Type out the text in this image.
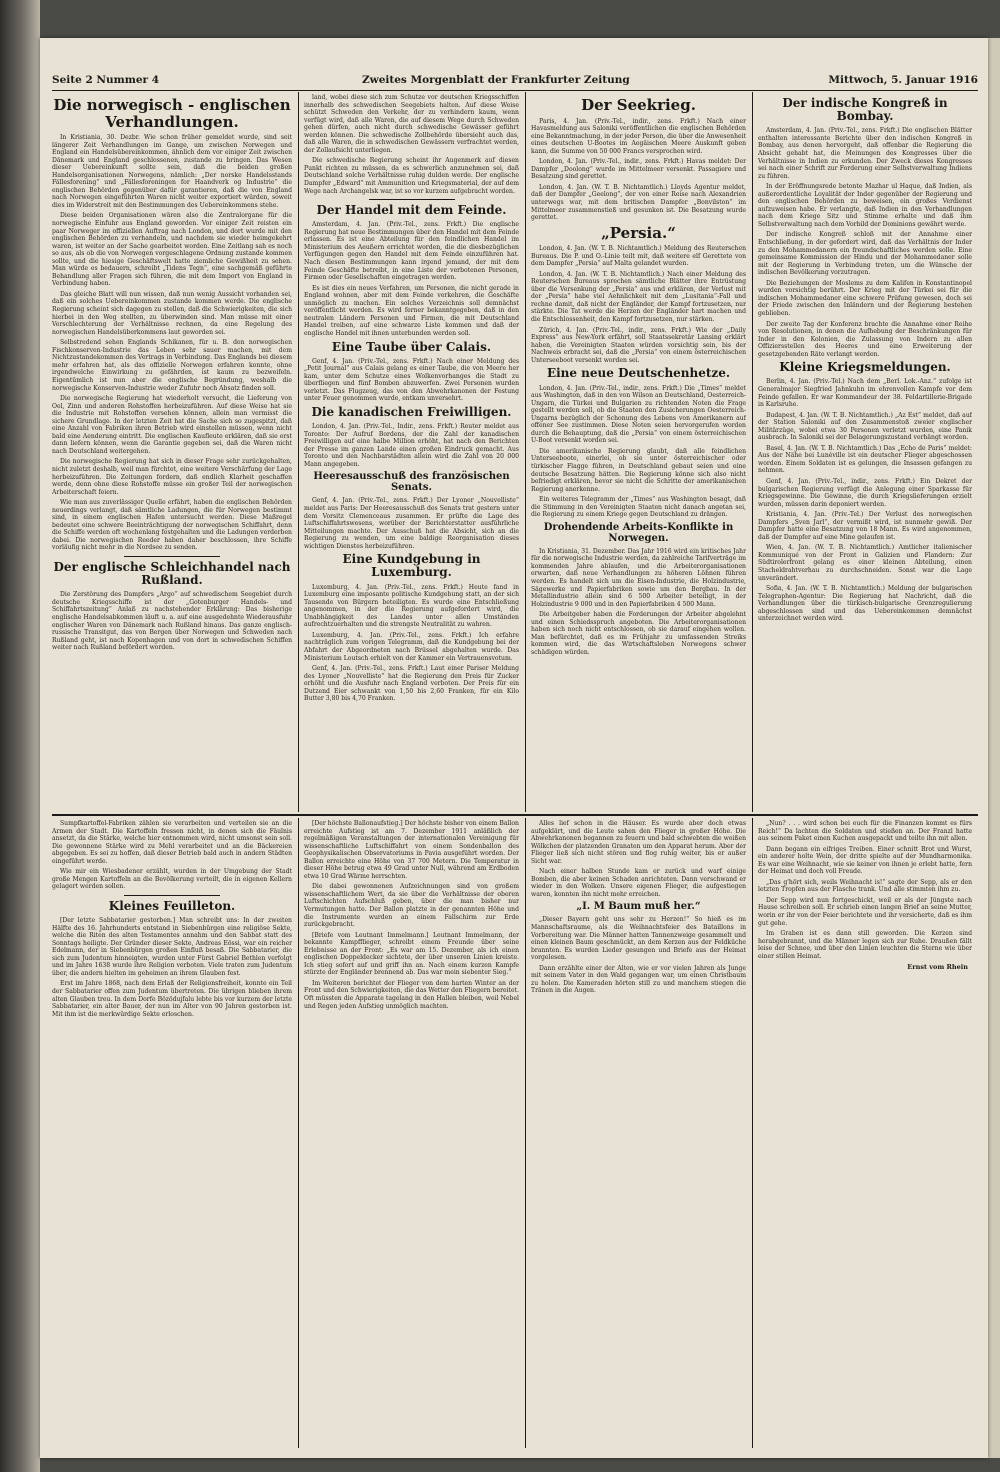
Seite 2 Nummer 4	Zweites Morgenblatt der Frankfurter Zeitung	Mittwoch, 5. Januar 1916
Die norwegisch - englischen Verhandlungen.

In Kristiania, 30. Dezbr. Wie schon früher gemeldet wurde, sind seit längerer Zeit Verhandlungen im Gange, um zwischen Norwegen und England ein Handelsübereinkommen, ähnlich dem vor einiger Zeit zwischen Dänemark und England geschlossenen, zustande zu bringen. Das Wesen dieser Uebereinkunft sollte sein, daß die beiden großen Handelsorganisationen Norwegens, nämlich: „Der norske Handelsstands Fällesforening“ und „Fällesforeningen for Haandverk og Industrie“ die englischen Behörden gegenüber dafür garantieren, daß die von England nach Norwegen eingeführten Waren nicht weiter exportiert würden, soweit dies im Widerstreit mit den Bestimmungen des Uebereinkommens stehe.

Diese beiden Organisationen wären also die Zentralorgane für die norwegische Einfuhr aus England geworden. Vor einiger Zeit reisten ein paar Norweger im offiziellen Auftrag nach London, und dort wurde mit den englischen Behörden zu verhandeln, und nachdem sie wieder heimgekehrt waren, ist weiter an der Sache gearbeitet worden. Eine Zeitlang sah es noch so aus, als ob die von Norwegen vorgeschlagene Ordnung zustande kommen sollte, und die hiesige Geschäftswelt hatte ziemliche Gewißheit zu sehen. Man würde es bedauern, schreibt „Tidens Tegn“, eine sachgemäß geführte Behandlung aller Fragen sich führen, die mit dem Import von England in Verbindung haben.

Das gleiche Blatt will nun wissen, daß nun wenig Aussicht vorhanden sei, daß ein solches Uebereinkommen zustande kommen werde. Die englische Regierung scheint sich dagegen zu stellen, daß die Schwierigkeiten, die sich hierbei in den Weg stellten, zu überwinden sind. Man müsse mit einer Verschlechterung der Verhältnisse rechnen, da eine Regelung des norwegischen Handelsüberkommens laut geworden sei.

Selbstredend sehen Englands Schikanen, für u. B. den norwegischen Fischkonserven-Industrie das Leben sehr sauer machen, mit dem Nichtzustandekommen des Vertrags in Verbindung. Das Englands bei diesem mehr erfahren hat, als das offizielle Norwegen erfahren konnte, ohne irgendwelche Einwirkung zu gefährden, ist kaum zu bezweifeln. Eigentümlich ist nun aber die englische Begründung, weshalb die norwegische Konserven-Industrie weder Zufuhr noch Absatz finden soll.

Die norwegische Regierung hat wiederholt versucht, die Lieferung von Oel, Zinn und anderen Rohstoffen herbeizuführen. Auf diese Weise hat sie die Industrie mit Rohstoffen versehen können, allein man vermisst die sichere Grundlage. In der letzten Zeit hat die Sache sich so zugespitzt, daß eine Anzahl von Fabriken ihren Betrieb wird einstellen müssen, wenn nicht bald eine Aenderung eintritt. Die englischen Kaufleute erklären, daß sie erst dann liefern können, wenn die Garantie gegeben sei, daß die Waren nicht nach Deutschland weitergehen.

Die norwegische Regierung hat sich in dieser Frage sehr zurückgehalten, nicht zuletzt deshalb, weil man fürchtet, eine weitere Verschärfung der Lage herbeizuführen. Die Zeitungen fordern, daß endlich Klarheit geschaffen werde, denn ohne diese Rohstoffe müsse ein großer Teil der norwegischen Arbeiterschaft feiern.

Wie man aus zuverlässiger Quelle erfährt, haben die englischen Behörden neuerdings verlangt, daß sämtliche Ladungen, die für Norwegen bestimmt sind, in einem englischen Hafen untersucht werden. Diese Maßregel bedeutet eine schwere Beeinträchtigung der norwegischen Schiffahrt, denn die Schiffe werden oft wochenlang festgehalten und die Ladungen verderben dabei. Die norwegischen Reeder haben daher beschlossen, ihre Schiffe vorläufig nicht mehr in die Nordsee zu senden.

Der englische Schleichhandel nach Rußland.

Die Zerstörung des Dampfers „Argo“ auf schwedischem Seegebiet durch deutsche Kriegsschiffe ist der „Gotenburger Handels- und Schiffahrtszeitung“ Anlaß zu nachstehender Erklärung: Das bisherige englische Handelsabkommen läuft u. a. auf eine ausgedehnte Wiederausfuhr englischer Waren von Dänemark nach Rußland hinaus. Das ganze englisch-russische Transitgut, das von Bergen über Norwegen und Schweden nach Rußland geht, ist nach Kopenhagen und von dort in schwedischen Schiffen weiter nach Rußland befördert worden.

land, wobei diese sich zum Schutze vor deutschen Kriegsschiffen innerhalb des schwedischen Seegebiets halten. Auf diese Weise schützt Schweden den Verkehr, der zu verhindern kaum, wenn verfügt wird, daß alle Waren, die auf diesem Wege durch Schweden gehen dürfen, auch nicht durch schwedische Gewässer geführt werden können. Die schwedische Zollbehörde übersieht auch das, daß alle Waren, die in schwedischen Gewässern verfrachtet werden, der Zollaufsicht unterliegen.

Die schwedische Regierung scheint ihr Augenmerk auf diesen Punkt richten zu müssen, da es schwerlich anzunehmen sei, daß Deutschland solche Verhältnisse ruhig dulden werde. Der englische Dampfer „Edward“ mit Ammunition und Kriegsmaterial, der auf dem Wege nach Archangelsk war, ist so vor kurzem aufgebracht worden.

Der Handel mit dem Feinde.

Amsterdam, 4. Jan. (Priv.-Tel., zens. Frkft.) Die englische Regierung hat neue Bestimmungen über den Handel mit dem Feinde erlassen. Es ist eine Abteilung für den feindlichen Handel im Ministerium des Aeußern errichtet worden, die die diesbezüglichen Verfügungen gegen den Handel mit dem Feinde einzuführen hat. Nach diesen Bestimmungen kann irgend jemand, der mit dem Feinde Geschäfte betreibt, in eine Liste der verbotenen Personen, Firmen oder Gesellschaften eingetragen werden.

Es ist dies ein neues Verfahren, um Personen, die nicht gerade in England wohnen, aber mit dem Feinde verkehren, die Geschäfte unmöglich zu machen. Ein solches Verzeichnis soll demnächst veröffentlicht werden. Es wird ferner bekanntgegeben, daß in den neutralen Ländern Personen und Firmen, die mit Deutschland Handel treiben, auf eine schwarze Liste kommen und daß der englische Handel mit ihnen unterbunden werden soll.

Eine Taube über Calais.

Genf, 4. Jan. (Priv.-Tel., zens. Frkft.) Nach einer Meldung des „Petit Journal“ aus Calais gelang es einer Taube, die von Meere her kam, unter dem Schutze eines Wolkenvorhanges die Stadt zu überfliegen und fünf Bomben abzuwerfen. Zwei Personen wurden verletzt. Das Flugzeug, das von den Abwehrkanonen der Festung unter Feuer genommen wurde, entkam unversehrt.

Die kanadischen Freiwilligen.

London, 4. Jan. (Priv.-Tel., Indir., zens. Frkft.) Reuter meldet aus Toronto: Der Aufruf Bordens, der die Zahl der kanadischen Freiwilligen auf eine halbe Million erhöht, hat nach den Berichten der Presse im ganzen Lande einen großen Eindruck gemacht. Aus Toronto und den Nachbarstädten allein wird die Zahl von 20 000 Mann angegeben.

Heeresausschuß des französischen Senats.

Genf, 4. Jan. (Priv.-Tel., zens. Frkft.) Der Lyoner „Nouvelliste“ meldet aus Paris: Der Heeresausschuß des Senats trat gestern unter dem Vorsitz Clemenceaus zusammen. Er prüfte die Lage des Luftschiffahrtswesens, worüber der Berichterstatter ausführliche Mitteilungen machte. Der Ausschuß hat die Absicht, sich an die Regierung zu wenden, um eine baldige Reorganisation dieses wichtigen Dienstes herbeizuführen.

Eine Kundgebung in Luxemburg.

Luxemburg, 4. Jan. (Priv.-Tel., zens. Frkft.) Heute fand in Luxemburg eine imposante politische Kundgebung statt, an der sich Tausende von Bürgern beteiligten. Es wurde eine Entschließung angenommen, in der die Regierung aufgefordert wird, die Unabhängigkeit des Landes unter allen Umständen aufrechtzuerhalten und die strengste Neutralität zu wahren.

Luxemburg, 4. Jan. (Priv.-Tel., zens. Frkft.) Ich erfahre nachträglich zum vorigen Telegramm, daß die Kundgebung bei der Abfahrt der Abgeordneten nach Brüssel abgehalten wurde. Das Ministerium Loutsch erhielt von der Kammer ein Vertrauensvotum.

Genf, 4. Jan. (Priv.-Tel., zens. Frkft.) Laut einer Pariser Meldung des Lyoner „Nouvelliste“ hat die Regierung den Preis für Zucker erhöht und die Ausfuhr nach England verboten. Der Preis für ein Dutzend Eier schwankt von 1,50 bis 2,60 Franken, für ein Kilo Butter 3,80 bis 4,70 Franken.

Der Seekrieg.

Paris, 4. Jan. (Priv.-Tel., indir., zens. Frkft.) Nach einer Havasmeldung aus Saloniki veröffentlichen die englischen Behörden eine Bekanntmachung, in der jeder Person, die über die Anwesenheit eines deutschen U-Bootes im Aegäischen Meere Auskunft geben kann, die Summe von 50 000 Francs versprochen wird.

London, 4. Jan. (Priv.-Tel., indir., zens. Frkft.) Havas meldet: Der Dampfer „Doolong“ wurde im Mittelmeer versenkt. Passagiere und Besatzung sind gerettet.

London, 4. Jan. (W. T. B. Nichtamtlich.) Lloyds Agentur meldet, daß der Dampfer „Geelong“, der von einer Reise nach Alexandrien unterwegs war, mit dem britischen Dampfer „Bonvilston“ im Mittelmeer zusammenstieß und gesunken ist. Die Besatzung wurde gerettet.

„Persia.“

London, 4. Jan. (W. T. B. Nichtamtlich.) Meldung des Reuterschen Bureaus. Die P. und O.-Linie teilt mit, daß weitere elf Gerettete von dem Dampfer „Persia“ auf Malta gelandet wurden.

London, 4. Jan. (W. T. B. Nichtamtlich.) Nach einer Meldung des Reuterschen Bureaus sprechen sämtliche Blätter ihre Entrüstung über die Versenkung der „Persia“ aus und erklären, der Verlust mit der „Persia“ habe viel Aehnlichkeit mit dem „Lusitania“-Fall und rechne damit, daß nicht der Engländer, der Kampf fortzusetzen, nur stärkte. Die Tat werde die Herzen der Engländer hart machen und die Entschlossenheit, den Kampf fortzusetzen, nur stärken.

Zürich, 4. Jan. (Priv.-Tel., indir., zens. Frkft.) Wie der „Daily Express“ aus New-York erfährt, soll Staatssekretär Lansing erklärt haben, die Vereinigten Staaten würden vorsichtig sein, bis der Nachweis erbracht sei, daß die „Persia“ von einem österreichischen Unterseeboot versenkt worden sei.

Eine neue Deutschenhetze.

London, 4. Jan. (Priv.-Tel., indir., zens. Frkft.) Die „Times“ meldet aus Washington, daß in den von Wilson an Deutschland, Oesterreich-Ungarn, die Türkei und Bulgarien zu richtenden Noten die Frage gestellt werden soll, ob die Staaten den Zusicherungen Oesterreich-Ungarns bezüglich der Schonung des Lebens von Amerikanern auf offener See zustimmen. Diese Noten seien hervorgerufen worden durch die Behauptung, daß die „Persia“ von einem österreichischen U-Boot versenkt worden sei.

Die amerikanische Regierung glaubt, daß alle feindlichen Unterseeboote, einerlei, ob sie unter österreichischer oder türkischer Flagge führen, in Deutschland gebaut seien und eine deutsche Besatzung hätten. Die Regierung könne sich also nicht befriedigt erklären, bevor sie nicht die Schritte der amerikanischen Regierung anerkenne.

Ein weiteres Telegramm der „Times“ aus Washington besagt, daß die Stimmung in den Vereinigten Staaten nicht danach angetan sei, die Regierung zu einem Kriege gegen Deutschland zu drängen.

Drohendende Arbeits-Konflikte in Norwegen.

In Kristiania, 31. Dezember. Das Jahr 1916 wird ein kritisches Jahr für die norwegische Industrie werden, da zahlreiche Tarifverträge im kommenden Jahre ablaufen, und die Arbeiterorganisationen erwarten, daß neue Verhandlungen zu höheren Löhnen führen werden. Es handelt sich um die Eisen-Industrie, die Holzindustrie, Sägewerke und Papierfabriken sowie um den Bergbau. In der Metallindustrie allein sind 6 500 Arbeiter beteiligt, in der Holzindustrie 9 000 und in den Papierfabriken 4 500 Mann.

Die Arbeitgeber haben die Forderungen der Arbeiter abgelehnt und einen Schiedsspruch angeboten. Die Arbeiterorganisationen haben sich noch nicht entschlossen, ob sie darauf eingehen wollen. Man befürchtet, daß es im Frühjahr zu umfassenden Streiks kommen wird, die das Wirtschaftsleben Norwegens schwer schädigen würden.

Der indische Kongreß in Bombay.

Amsterdam, 4. Jan. (Priv.-Tel., zens. Frkft.) Die englischen Blätter enthalten interessante Berichte über den indischen Kongreß in Bombay, aus denen hervorgeht, daß offenbar die Regierung die Absicht gehabt hat, die Meinungen des Kongresses über die Verhältnisse in Indien zu erkunden. Der Zweck dieses Kongresses sei nach einer Schrift zur Forderung einer Selbstverwaltung Indiens zu führen.

In der Eröffnungsrede betonte Mazhar ul Haque, daß Indien, als außerordentliche Loyalität der Inder gegenüber der Regierung und den englischen Behörden zu beweisen, ein großes Verdienst aufzuweisen habe. Er verlangte, daß Indien in den Verhandlungen nach dem Kriege Sitz und Stimme erhalte und daß ihm Selbstverwaltung nach dem Vorbild der Dominions gewährt werde.

Der indische Kongreß schloß mit der Annahme einer Entschließung, in der gefordert wird, daß das Verhältnis der Inder zu den Mohammedanern ein freundschaftliches werden solle. Eine gemeinsame Kommission der Hindu und der Mohammedaner solle mit der Regierung in Verbindung treten, um die Wünsche der indischen Bevölkerung vorzutragen.

Die Beziehungen der Moslems zu dem Kalifen in Konstantinopel wurden vorsichtig berührt. Der Krieg mit der Türkei sei für die indischen Mohammedaner eine schwere Prüfung gewesen, doch sei der Friede zwischen den Inländern und der Regierung bestehen geblieben.

Der zweite Tag der Konferenz brachte die Annahme einer Reihe von Resolutionen, in denen die Aufhebung der Beschränkungen für Inder in den Kolonien, die Zulassung von Indern zu allen Offiziersstellen des Heeres und eine Erweiterung der gesetzgebenden Räte verlangt werden.

Kleine Kriegsmeldungen.

Berlin, 4. Jan. (Priv.-Tel.) Nach dem „Berl. Lok.-Anz.“ zufolge ist Generalmajor Siegfried Jahnkuhn im ehrenvollen Kampfe vor dem Feinde gefallen. Er war Kommandeur der 38. Feldartillerie-Brigade in Karlsruhe.

Budapest, 4. Jan. (W. T. B. Nichtamtlich.) „Az Est“ meldet, daß auf der Station Saloniki auf den Zusammenstoß zweier englischer Militärzüge, wobei etwa 30 Personen verletzt wurden, eine Panik ausbrach. In Saloniki sei der Belagerungszustand verhängt worden.

Basel, 4. Jan. (W. T. B. Nichtamtlich.) Das „Echo de Paris“ meldet: Aus der Nähe bei Lunéville ist ein deutscher Flieger abgeschossen worden. Einem Soldaten ist es gelungen, die Insassen gefangen zu nehmen.

Genf, 4. Jan. (Priv.-Tel., indir., zens. Frkft.) Ein Dekret der bulgarischen Regierung verfügt die Anlegung einer Sparkasse für Kriegsgewinne. Die Gewinne, die durch Kriegslieferungen erzielt wurden, müssen darin deponiert werden.

Kristiania, 4. Jan. (Priv.-Tel.) Der Verlust des norwegischen Dampfers „Sven Jarl“, der vermißt wird, ist nunmehr gewiß. Der Dampfer hatte eine Besatzung von 18 Mann. Es wird angenommen, daß der Dampfer auf eine Mine gelaufen ist.

Wien, 4. Jan. (W. T. B. Nichtamtlich.) Amtlicher italienischer Kommuniqué von der Front in Galizien und Flandern: Zur Südtirolerfront gelang es einer kleinen Abteilung, einen Stacheldrahtverhau zu durchschneiden. Sonst war die Lage unverändert.

Sofia, 4. Jan. (W. T. B. Nichtamtlich.) Meldung der bulgarischen Telegraphen-Agentur: Die Regierung hat Nachricht, daß die Verhandlungen über die türkisch-bulgarische Grenzregulierung abgeschlossen sind und das Uebereinkommen demnächst unterzeichnet werden wird.

Sumpfkartoffel-Fabriken zählen sie verarbeiten und verteilen sie an die Armen der Stadt. Die Kartoffeln fressen nicht, in denen sich die Fäulnis ansetzt, da die Stärke, welche hier entnommen wird, nicht umsonst sein soll. Die gewonnene Stärke wird zu Mehl verarbeitet und an die Bäckereien abgegeben. Es sei zu hoffen, daß dieser Betrieb bald auch in andern Städten eingeführt werde.

Wie mir ein Wiesbadener erzählt, wurden in der Umgebung der Stadt große Mengen Kartoffeln an die Bevölkerung verteilt, die in eigenen Kellern gelagert werden sollen.

Kleines Feuilleton.

[Der letzte Sabbatarier gestorben.] Man schreibt uns: In der zweiten Hälfte des 16. Jahrhunderts entstand in Siebenbürgen eine religiöse Sekte, welche die Riten des alten Testamentes annahm und den Sabbat statt des Sonntags heiligte. Der Gründer dieser Sekte, Andreas Eössi, war ein reicher Edelmann, der in Siebenbürgen großen Einfluß besaß. Die Sabbatarier, die sich zum Judentum hinneigten, wurden unter Fürst Gabriel Bethlen verfolgt und im Jahre 1638 wurde ihre Religion verboten. Viele traten zum Judentum über, die andern hielten im geheimen an ihrem Glauben fest.

Erst im Jahre 1868, nach dem Erlaß der Religionsfreiheit, konnte ein Teil der Sabbatarier offen zum Judentum übertreten. Die übrigen blieben ihrem alten Glauben treu. In dem Dorfe Bözödujfalu lebte bis vor kurzem der letzte Sabbatarier, ein alter Bauer, der nun im Alter von 90 Jahren gestorben ist. Mit ihm ist die merkwürdige Sekte erloschen.

[Der höchste Ballonaufstieg.] Der höchste bisher von einem Ballon erreichte Aufstieg ist am 7. Dezember 1911 anläßlich der regelmäßigen Veranstaltungen der internationalen Vereinigung für wissenschaftliche Luftschiffahrt von einem Sondenballon des Geophysikalischen Observatoriums in Pavia ausgeführt worden. Der Ballon erreichte eine Höhe von 37 700 Metern. Die Temperatur in dieser Höhe betrug etwa 49 Grad unter Null, während am Erdboden etwa 10 Grad Wärme herrschten.

Die dabei gewonnenen Aufzeichnungen sind von großem wissenschaftlichem Wert, da sie über die Verhältnisse der oberen Luftschichten Aufschluß geben, über die man bisher nur Vermutungen hatte. Der Ballon platzte in der genannten Höhe und die Instrumente wurden an einem Fallschirm zur Erde zurückgebracht.

[Briefe vom Leutnant Immelmann.] Leutnant Immelmann, der bekannte Kampfflieger, schreibt einem Freunde über seine Erlebnisse an der Front: „Es war am 15. Dezember, als ich einen englischen Doppeldecker sichtete, der über unseren Linien kreiste. Ich stieg sofort auf und griff ihn an. Nach einem kurzen Kampfe stürzte der Engländer brennend ab. Das war mein siebenter Sieg.“

Im Weiteren berichtet der Flieger von dem harten Winter an der Front und den Schwierigkeiten, die das Wetter den Fliegern bereitet. Oft müssten die Apparate tagelang in den Hallen bleiben, weil Nebel und Regen jeden Aufstieg unmöglich machten.

Alles lief schon in die Häuser. Es wurde aber doch etwas aufgeklärt, und die Leute sahen den Flieger in großer Höhe. Die Abwehrkanonen begannen zu feuern und bald schwebten die weißen Wölkchen der platzenden Granaten um den Apparat herum. Aber der Flieger ließ sich nicht stören und flog ruhig weiter, bis er außer Sicht war.

Nach einer halben Stunde kam er zurück und warf einige Bomben, die aber keinen Schaden anrichteten. Dann verschwand er wieder in den Wolken. Unsere eigenen Flieger, die aufgestiegen waren, konnten ihn nicht mehr erreichen.

„I. M Baum muß her.“

„Dieser Bayern geht uns sehr zu Herzen!“ So hieß es im Mannschaftsraume, als die Weihnachtsfeier des Bataillons in Vorbereitung war. Die Männer hatten Tannenzweige gesammelt und einen kleinen Baum geschmückt, an dem Kerzen aus der Feldküche brannten. Es wurden Lieder gesungen und Briefe aus der Heimat vorgelesen.

Dann erzählte einer der Alten, wie er vor vielen Jahren als Junge mit seinem Vater in den Wald gegangen war, um einen Christbaum zu holen. Die Kameraden hörten still zu und manchem stiegen die Tränen in die Augen.

„Nun? . . . wird schon bei euch für die Finanzen kommt es fürs Reich!“ Da lachten die Soldaten und stießen an. Der Franzl hatte aus seinem Paket einen Kuchen ausgepackt und teilte ihn mit allen.

Dann begann ein eifriges Treiben. Einer schnitt Brot und Wurst, ein anderer holte Wein, der dritte spielte auf der Mundharmonika. Es war eine Weihnacht, wie sie keiner von ihnen je erlebt hatte, fern der Heimat und doch voll Freude.

„Das g'hört sich, weils Weihnacht is!“ sagte der Sepp, als er den letzten Tropfen aus der Flasche trank. Und alle stimmten ihm zu.

Der Sepp wird nun fortgeschickt, weil er als der Jüngste nach Hause schreiben soll. Er schrieb einen langen Brief an seine Mutter, worin er ihr von der Feier berichtete und ihr versicherte, daß es ihm gut gehe.

Im Graben ist es dann still geworden. Die Kerzen sind herabgebrannt, und die Männer legen sich zur Ruhe. Draußen fällt leise der Schnee, und über den Linien leuchten die Sterne wie über einer stillen Heimat.

Ernst vom Rhein
